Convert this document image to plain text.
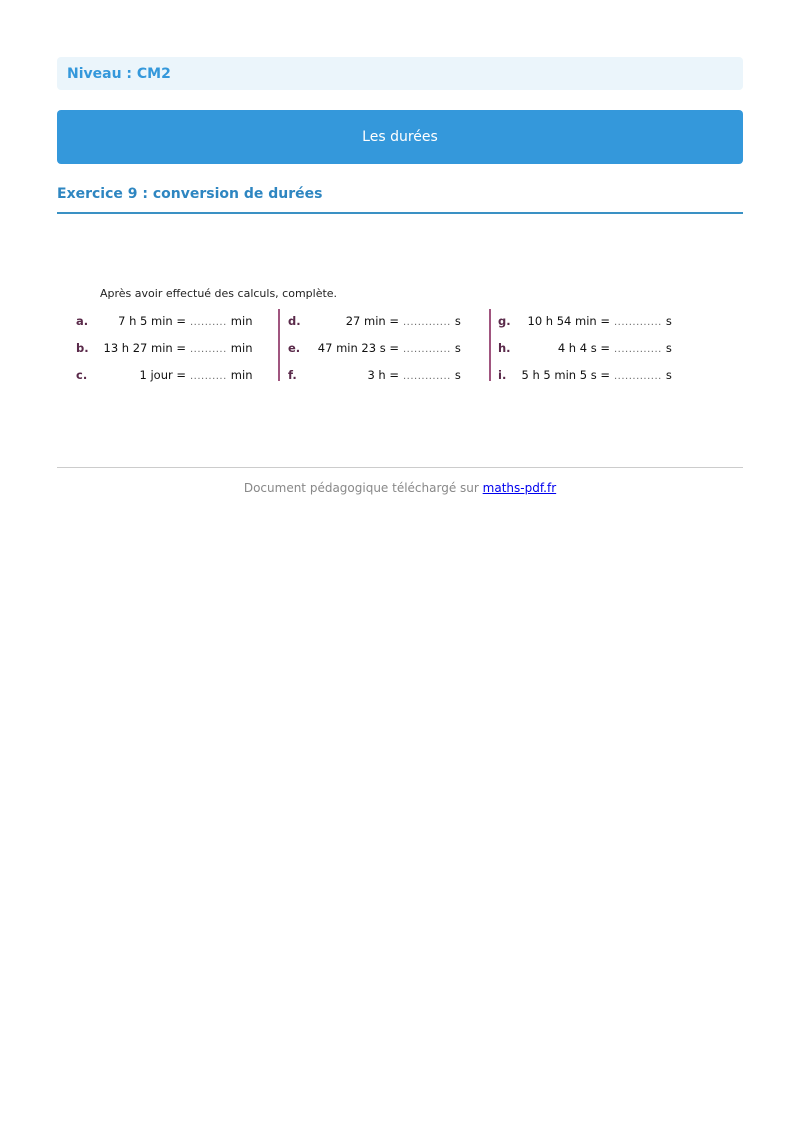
Niveau : CM2
Les durées
Exercice 9 : conversion de durées
Après avoir effectué des calculs, complète.
a.	7 h 5 min = .......... min
b.	13 h 27 min = .......... min
c.	1 jour = .......... min
d.	27 min = ............. s
e.	47 min 23 s = ............. s
f.	3 h = ............. s
g.	10 h 54 min = ............. s
h.	4 h 4 s = ............. s
i. 5 h 5 min 5 s = ............. s
Document pédagogique téléchargé sur maths-pdf.fr
